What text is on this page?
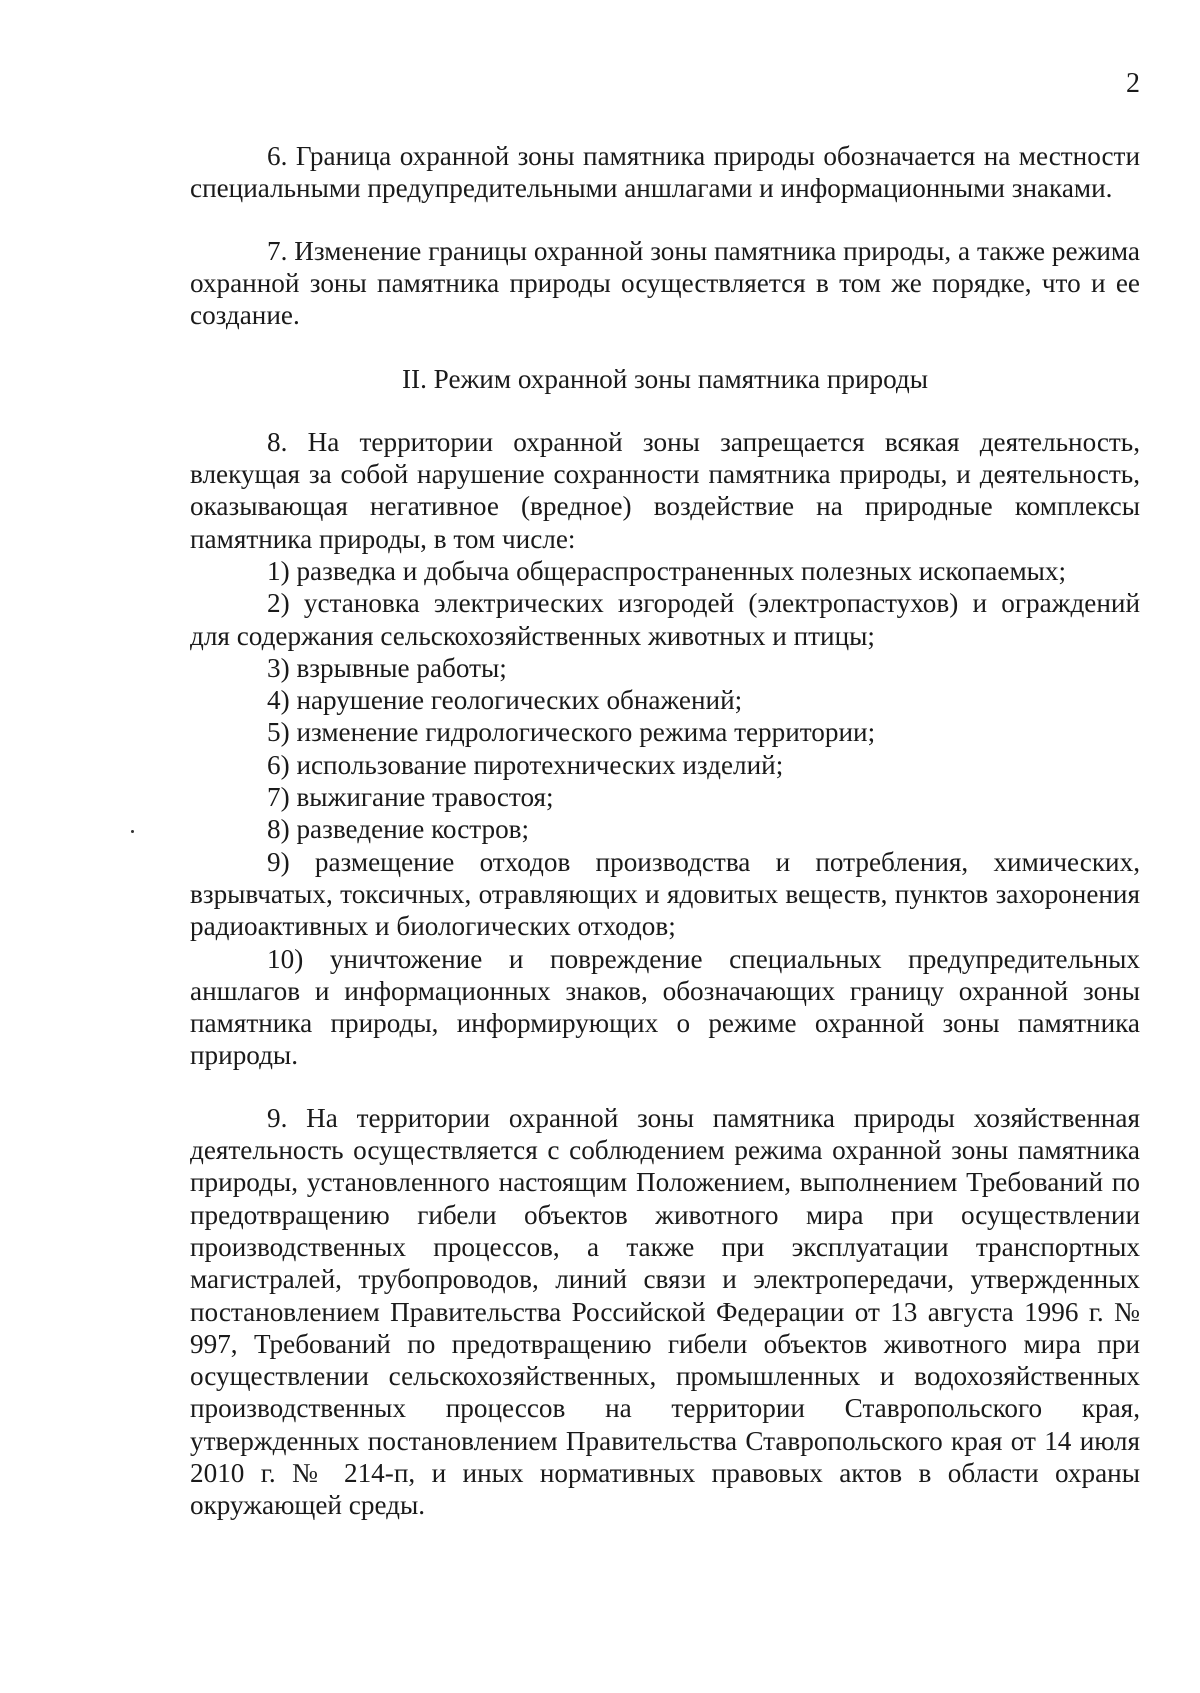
2

6. Граница охранной зоны памятника природы обозначается на местности специальными предупредительными аншлагами и информационными знаками.

7. Изменение границы охранной зоны памятника природы, а также режима охранной зоны памятника природы осуществляется в том же порядке, что и ее создание.

II. Режим охранной зоны памятника природы

8. На территории охранной зоны запрещается всякая деятельность, влекущая за собой нарушение сохранности памятника природы, и деятельность, оказывающая негативное (вредное) воздействие на природные комплексы памятника природы, в том числе:

1) разведка и добыча общераспространенных полезных ископаемых;

2) установка электрических изгородей (электропастухов) и ограждений для содержания сельскохозяйственных животных и птицы;

3) взрывные работы;

4) нарушение геологических обнажений;

5) изменение гидрологического режима территории;

6) использование пиротехнических изделий;

7) выжигание травостоя;

8) разведение костров;

9) размещение отходов производства и потребления, химических, взрывчатых, токсичных, отравляющих и ядовитых веществ, пунктов захоронения радиоактивных и биологических отходов;

10) уничтожение и повреждение специальных предупредительных аншлагов и информационных знаков, обозначающих границу охранной зоны памятника природы, информирующих о режиме охранной зоны памятника природы.

9. На территории охранной зоны памятника природы хозяйственная деятельность осуществляется с соблюдением режима охранной зоны памятника природы, установленного настоящим Положением, выполнением Требований по предотвращению гибели объектов животного мира при осуществлении производственных процессов, а также при эксплуатации транспортных магистралей, трубопроводов, линий связи и электропередачи, утвержденных постановлением Правительства Российской Федерации от 13 августа 1996 г. № 997, Требований по предотвращению гибели объектов животного мира при осуществлении сельскохозяйственных, промышленных и водохозяйственных производственных процессов на территории Ставропольского края, утвержденных постановлением Правительства Ставропольского края от 14 июля 2010 г. № 214-п, и иных нормативных правовых актов в области охраны окружающей среды.
